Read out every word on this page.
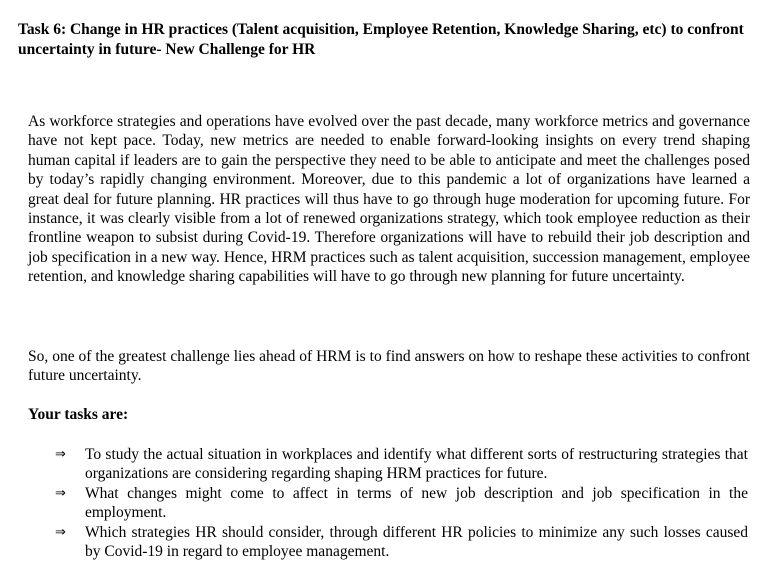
Task 6: Change in HR practices (Talent acquisition, Employee Retention, Knowledge Sharing, etc) to confront uncertainty in future- New Challenge for HR

As workforce strategies and operations have evolved over the past decade, many workforce metrics and governance have not kept pace. Today, new metrics are needed to enable forward-looking insights on every trend shaping human capital if leaders are to gain the perspective they need to be able to anticipate and meet the challenges posed by today’s rapidly changing environment. Moreover, due to this pandemic a lot of organizations have learned a great deal for future planning. HR practices will thus have to go through huge moderation for upcoming future. For instance, it was clearly visible from a lot of renewed organizations strategy, which took employee reduction as their frontline weapon to subsist during Covid-19. Therefore organizations will have to rebuild their job description and job specification in a new way. Hence, HRM practices such as talent acquisition, succession management, employee retention, and knowledge sharing capabilities will have to go through new planning for future uncertainty.

So, one of the greatest challenge lies ahead of HRM is to find answers on how to reshape these activities to confront future uncertainty.

Your tasks are:

⇒ To study the actual situation in workplaces and identify what different sorts of restructuring strategies that organizations are considering regarding shaping HRM practices for future.
⇒ What changes might come to affect in terms of new job description and job specification in the employment.
⇒ Which strategies HR should consider, through different HR policies to minimize any such losses caused by Covid-19 in regard to employee management.
